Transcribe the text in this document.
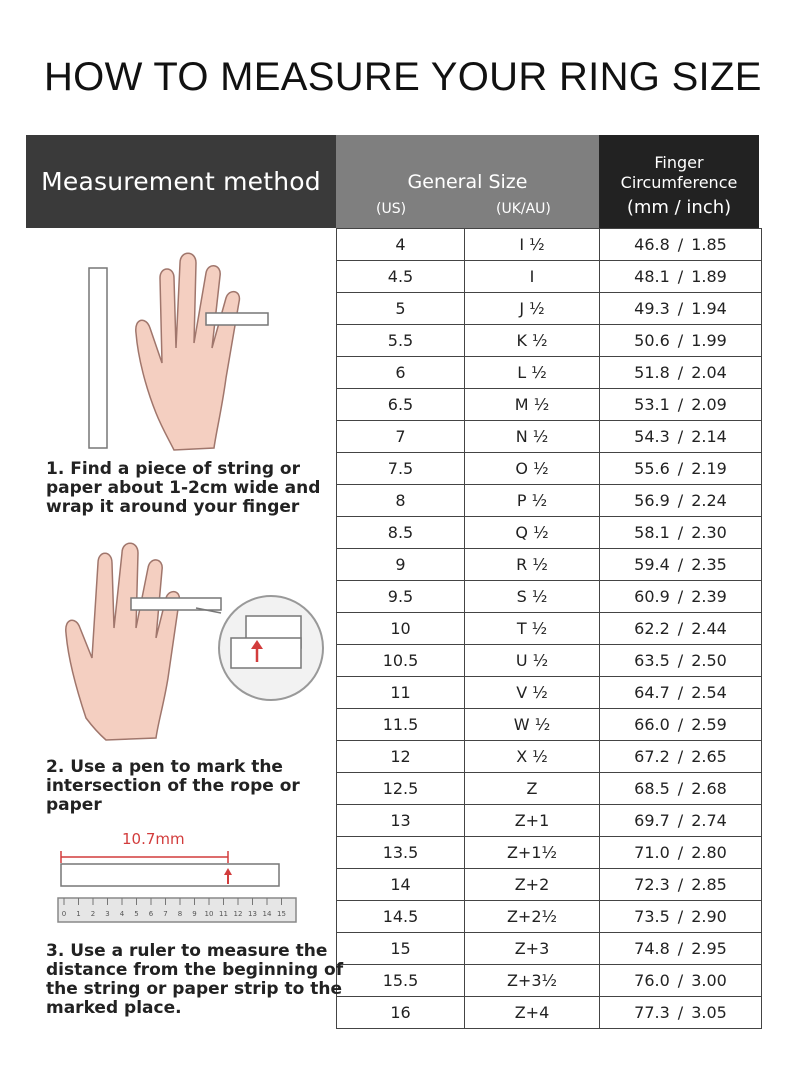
HOW TO MEASURE YOUR RING SIZE
Measurement method	General Size
(US)	(UK/AU)
Finger
Circumference
(mm / inch)
4	I ½	46.8 / 1.85
4.5	I	48.1 / 1.89
5	J ½	49.3 / 1.94
5.5	K ½	50.6 / 1.99
6	L ½	51.8 / 2.04
6.5	M ½	53.1 / 2.09
7	N ½	54.3 / 2.14
7.5	O ½	55.6 / 2.19
8	P ½	56.9 / 2.24
8.5	Q ½	58.1 / 2.30
9	R ½	59.4 / 2.35
9.5	S ½	60.9 / 2.39
10	T ½	62.2 / 2.44
10.5	U ½	63.5 / 2.50
11	V ½	64.7 / 2.54
11.5	W ½	66.0 / 2.59
12	X ½	67.2 / 2.65
12.5	Z	68.5 / 2.68
13	Z+1	69.7 / 2.74
13.5	Z+1½	71.0 / 2.80
14	Z+2	72.3 / 2.85
14.5	Z+2½	73.5 / 2.90
15	Z+3	74.8 / 2.95
15.5	Z+3½	76.0 / 3.00
16	Z+4	77.3 / 3.05
1. Find a piece of string or
paper about 1-2cm wide and
wrap it around your finger
2. Use a pen to mark the
intersection of the rope or
paper
10.7mm
0 1 2 3 4 5 6 7 8 9 10 11 12 13 14 15
3. Use a ruler to measure the
distance from the beginning of
the string or paper strip to the
marked place.
